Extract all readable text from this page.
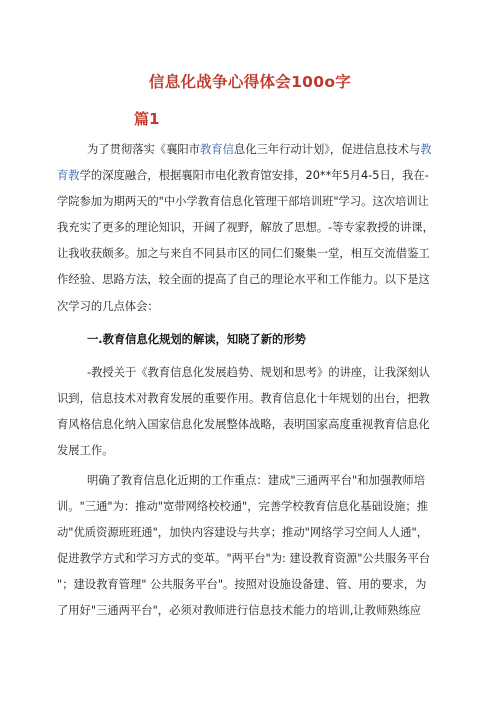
信息化战争心得体会100o字
篇1
为了贯彻落实《襄阳市教育信息化三年行动计划》，促进信息技术与教
育教学的深度融合，根据襄阳市电化教育馆安排，20**年5月4-5日，我在-
学院参加为期两天的"中小学教育信息化管理干部培训班"学习。这次培训让
我充实了更多的理论知识，开阔了视野，解放了思想。-等专家教授的讲课，
让我收获颇多。加之与来自不同县市区的同仁们聚集一堂，相互交流借鉴工
作经验、思路方法，较全面的提高了自己的理论水平和工作能力。以下是这
次学习的几点体会：
一.教育信息化规划的解读，知晓了新的形势
-教授关于《教育信息化发展趋势、规划和思考》的讲座，让我深刻认
识到，信息技术对教育发展的重要作用。教育信息化十年规划的出台，把教
育风格信息化纳入国家信息化发展整体战略，表明国家高度重视教育信息化
发展工作。
明确了教育信息化近期的工作重点：建成"三通两平台"和加强教师培
训。"三通"为：推动"宽带网络校校通"，完善学校教育信息化基础设施；推
动"优质资源班班通"，加快内容建设与共享；推动"网络学习空间人人通"，
促进教学方式和学习方式的变革。"两平台"为: 建设教育资源"公共服务平台
"；建设教育管理" 公共服务平台"。按照对设施设备建、管、用的要求，为
了用好"三通两平台"，必须对教师进行信息技术能力的培训,让教师熟练应
